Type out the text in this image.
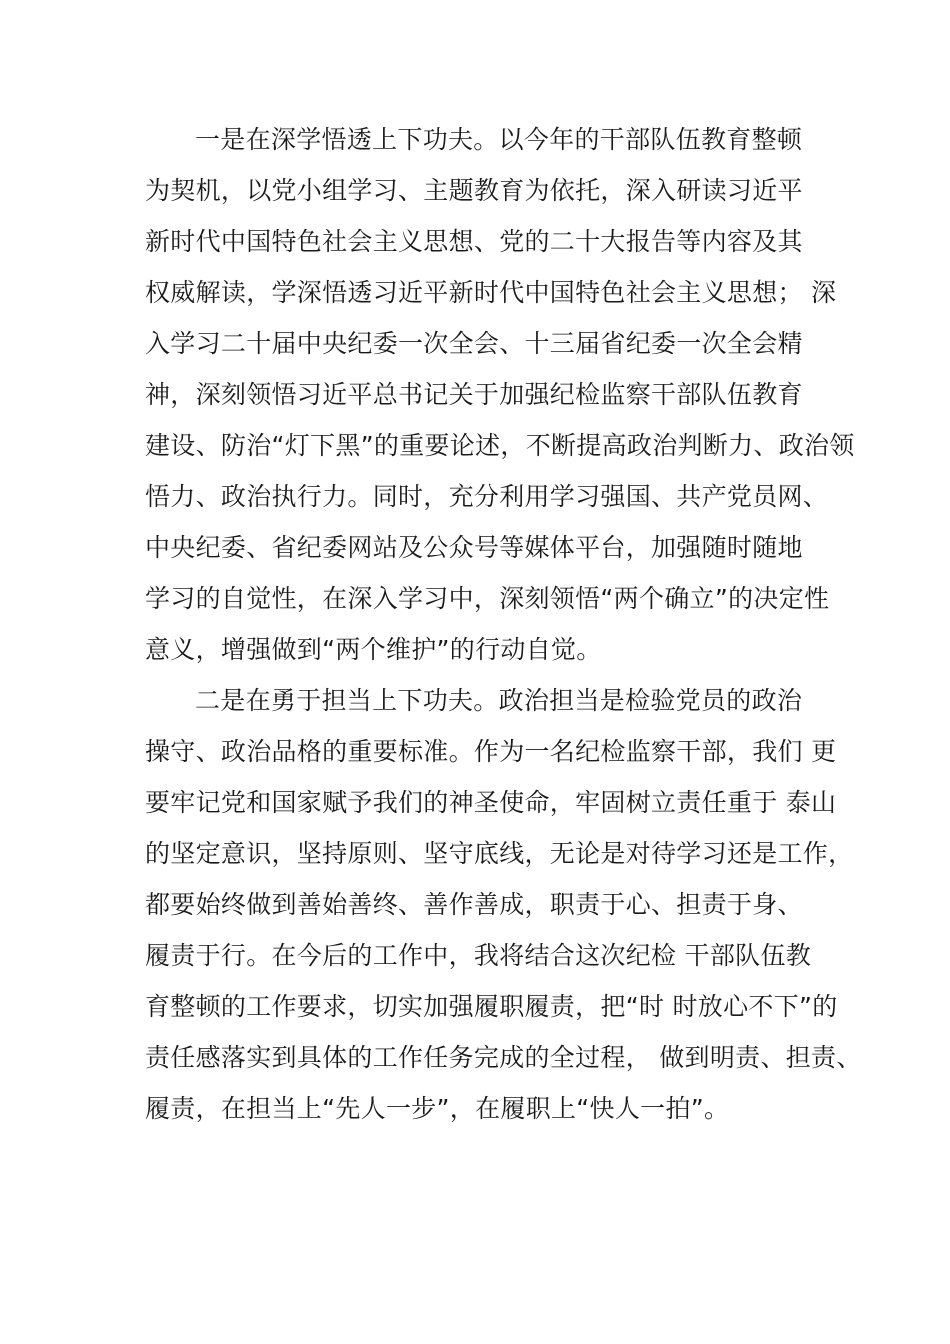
一是在深学悟透上下功夫。以今年的干部队伍教育整顿
为契机，以党小组学习、主题教育为依托，深入研读习近平
新时代中国特色社会主义思想、党的二十大报告等内容及其
权威解读，学深悟透习近平新时代中国特色社会主义思想； 深
入学习二十届中央纪委一次全会、十三届省纪委一次全会精
神，深刻领悟习近平总书记关于加强纪检监察干部队伍教育
建设、防治“灯下黑”的重要论述，不断提高政治判断力、政治领
悟力、政治执行力。同时，充分利用学习强国、共产党员网、
中央纪委、省纪委网站及公众号等媒体平台，加强随时随地
学习的自觉性，在深入学习中，深刻领悟“两个确立”的决定性
意义，增强做到“两个维护”的行动自觉。
二是在勇于担当上下功夫。政治担当是检验党员的政治
操守、政治品格的重要标准。作为一名纪检监察干部，我们 更
要牢记党和国家赋予我们的神圣使命，牢固树立责任重于 泰山
的坚定意识，坚持原则、坚守底线，无论是对待学习还是工作，
都要始终做到善始善终、善作善成，职责于心、担责于身、
履责于行。在今后的工作中，我将结合这次纪检 干部队伍教
育整顿的工作要求，切实加强履职履责，把“时 时放心不下”的
责任感落实到具体的工作任务完成的全过程， 做到明责、担责、
履责，在担当上“先人一步”，在履职上“快人一拍”。
